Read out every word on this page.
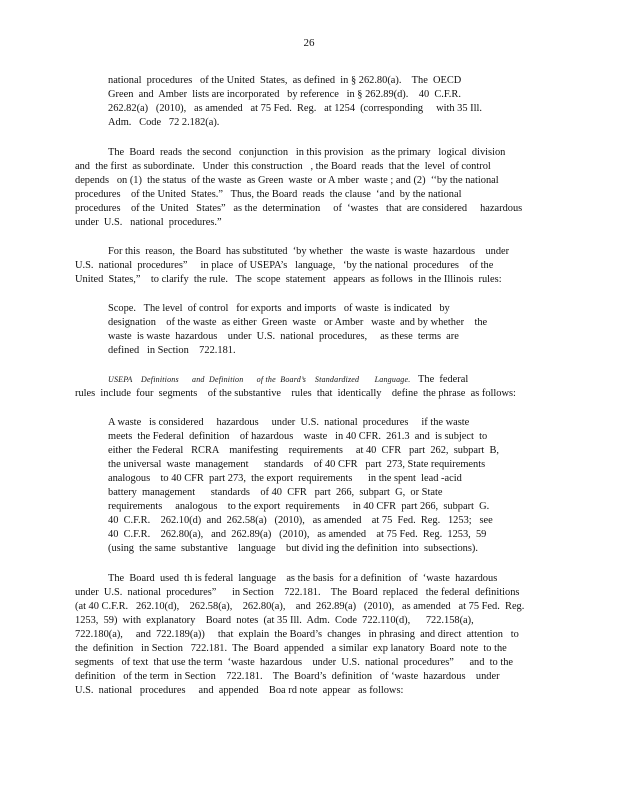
26
national  procedures   of the United  States,  as defined  in § 262.80(a).    The  OECD
Green  and  Amber  lists are incorporated   by reference   in § 262.89(d).    40  C.F.R.
262.82(a)   (2010),   as amended   at 75 Fed.  Reg.   at 1254  (corresponding     with 35 Ill.
Adm.   Code   72 2.182(a).
The  Board  reads  the second   conjunction   in this provision   as the primary   logical  division
and  the first  as subordinate.   Under  this construction   , the Board  reads  that the  level  of control
depends   on (1)  the status  of the waste  as Green  waste  or A mber  waste ; and (2)  ‘‘by the national
procedures    of the United  States.”   Thus, the Board  reads  the clause  ‘and  by the national
procedures    of the  United   States”   as the  determination     of  ‘wastes   that  are considered     hazardous
under  U.S.   national  procedures.”
For this  reason,  the Board  has substituted  ‘by whether   the waste  is waste  hazardous    under
U.S.  national  procedures”     in place  of USEPA’s   language,   ‘by the national  procedures    of the
United  States,”    to clarify  the rule.   The  scope  statement   appears  as follows  in the Illinois  rules:
Scope.   The level  of control   for exports  and imports   of waste  is indicated   by
designation    of the waste  as either  Green  waste   or Amber   waste  and by whether    the
waste  is waste  hazardous    under  U.S.  national  procedures,     as these  terms  are
defined   in Section    722.181.
USEPA    Definitions      and  Definition      of the  Board’s    Standardized       Language. The  federal
rules  include  four  segments    of the substantive    rules  that  identically    define  the phrase  as follows:
A waste   is considered     hazardous     under  U.S.  national  procedures     if the waste
meets  the Federal  definition    of hazardous    waste   in 40 CFR.  261.3  and  is subject  to
either  the Federal   RCRA    manifesting    requirements     at 40  CFR   part  262,  subpart  B,
the universal  waste  management      standards    of 40 CFR   part  273, State requirements
analogous    to 40 CFR  part 273,  the export  requirements      in the spent  lead -acid
battery  management      standards    of 40  CFR   part  266,  subpart  G,  or State
requirements     analogous    to the export  requirements     in 40 CFR  part 266,  subpart  G.
40  C.F.R.    262.10(d)  and  262.58(a)   (2010),   as amended    at 75  Fed.  Reg.   1253;   see
40  C.F.R.    262.80(a),   and  262.89(a)   (2010),   as amended    at 75 Fed.  Reg.  1253,  59
(using  the same  substantive    language    but divid ing the definition  into  subsections).
The  Board  used  th is federal  language    as the basis  for a definition   of  ‘waste  hazardous
under  U.S.  national  procedures”      in Section    722.181.    The  Board  replaced   the federal  definitions
(at 40 C.F.R.   262.10(d),    262.58(a),    262.80(a),    and  262.89(a)   (2010),   as amended   at 75 Fed.  Reg.
1253,  59)  with  explanatory    Board  notes  (at 35 Ill.  Adm.  Code  722.110(d),      722.158(a),
722.180(a),     and  722.189(a))     that  explain  the Board’s  changes   in phrasing  and direct  attention   to
the  definition   in Section   722.181.  The  Board  appended   a similar  exp lanatory  Board  note  to the
segments   of text  that use the term  ‘waste  hazardous    under  U.S.  national  procedures”      and  to the
definition   of the term  in Section    722.181.    The  Board’s  definition   of ‘waste  hazardous    under
U.S.  national   procedures     and  appended    Boa rd note  appear   as follows:
